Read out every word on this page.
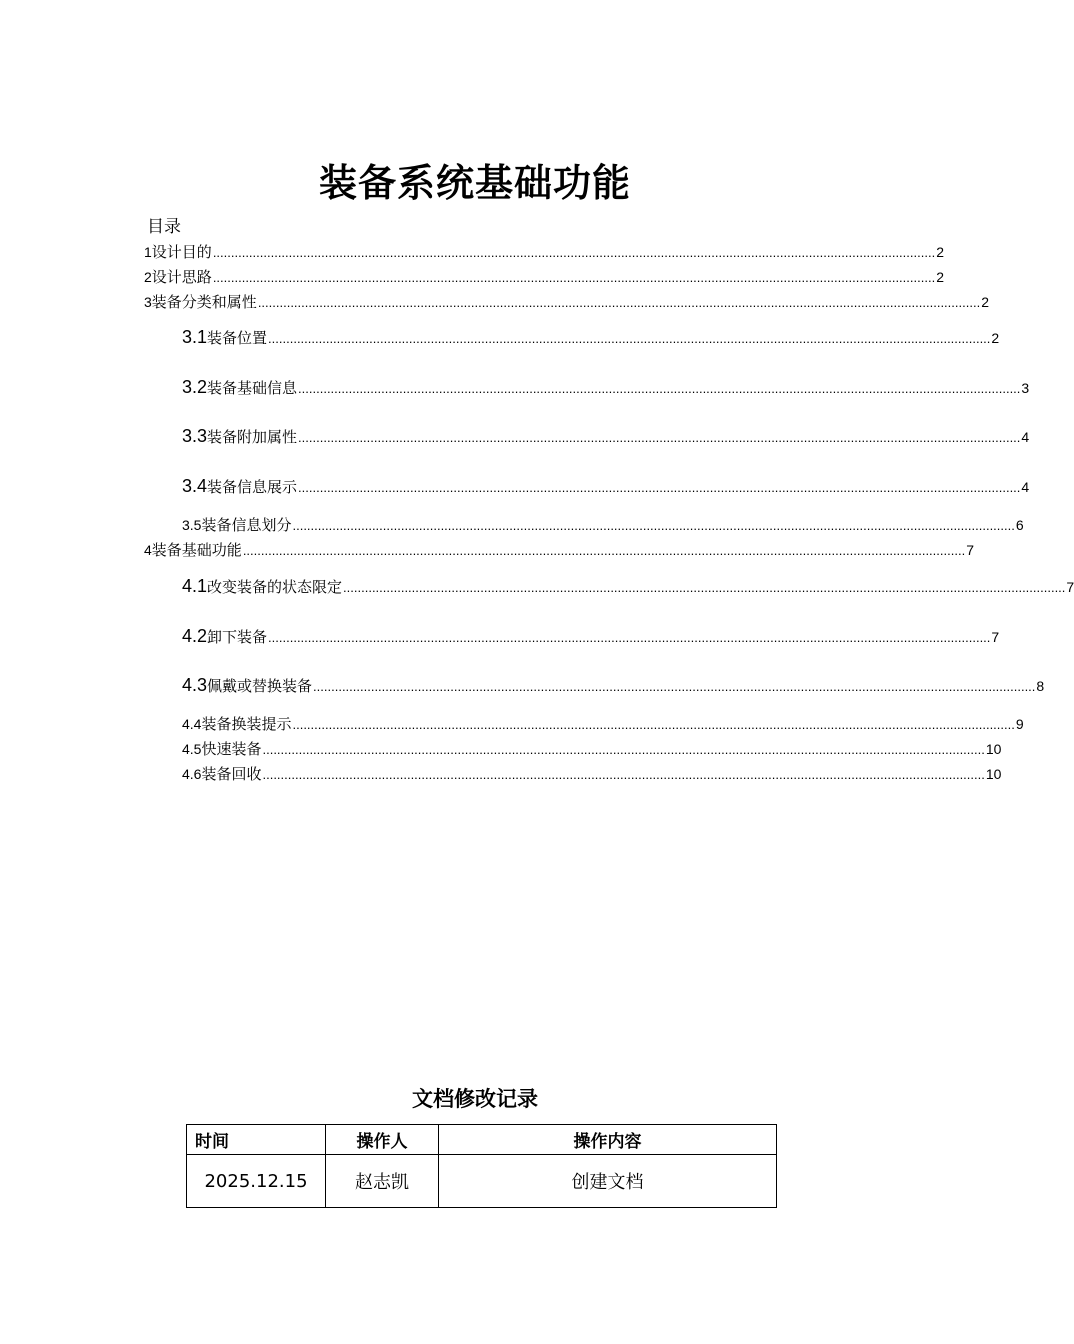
装备系统基础功能
目录
1 设计目的 ........................................................................................................................................................................................................ 2
2 设计思路 ........................................................................................................................................................................................................ 2
3 装备分类和属性 ........................................................................................................................................................................................................ 2
3.1 装备位置 ........................................................................................................................................................................................................ 2
3.2 装备基础信息 ........................................................................................................................................................................................................ 3
3.3 装备附加属性 ........................................................................................................................................................................................................ 4
3.4 装备信息展示 ........................................................................................................................................................................................................ 4
3.5 装备信息划分 ........................................................................................................................................................................................................ 6
4 装备基础功能 ........................................................................................................................................................................................................ 7
4.1 改变装备的状态限定 ........................................................................................................................................................................................................ 7
4.2 卸下装备 ........................................................................................................................................................................................................ 7
4.3 佩戴或替换装备 ........................................................................................................................................................................................................ 8
4.4 装备换装提示 ........................................................................................................................................................................................................ 9
4.5 快速装备 ........................................................................................................................................................................................................ 10
4.6 装备回收 ........................................................................................................................................................................................................ 10
文档修改记录
时间	操作人	操作内容
2025.12.15	赵志凯	创建文档
